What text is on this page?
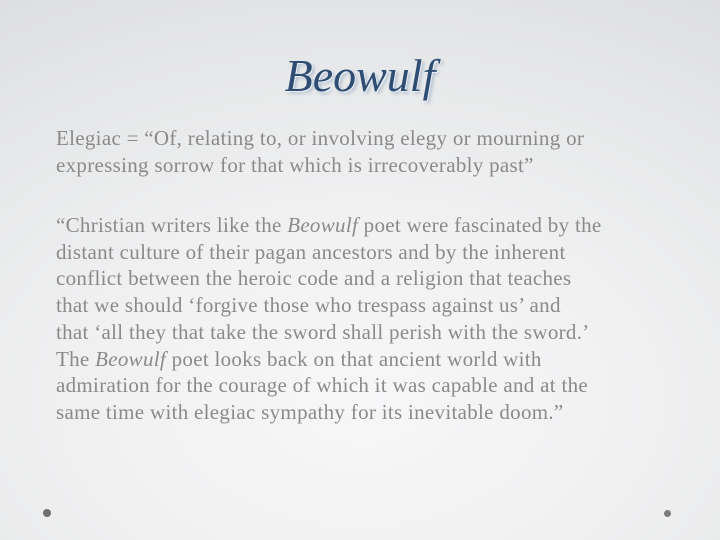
Beowulf
Elegiac = “Of, relating to, or involving elegy or mourning or
expressing sorrow for that which is irrecoverably past”
“Christian writers like the Beowulf poet were fascinated by the
distant culture of their pagan ancestors and by the inherent
conflict between the heroic code and a religion that teaches
that we should ‘forgive those who trespass against us’ and
that ‘all they that take the sword shall perish with the sword.’
The Beowulf poet looks back on that ancient world with
admiration for the courage of which it was capable and at the
same time with elegiac sympathy for its inevitable doom.”
